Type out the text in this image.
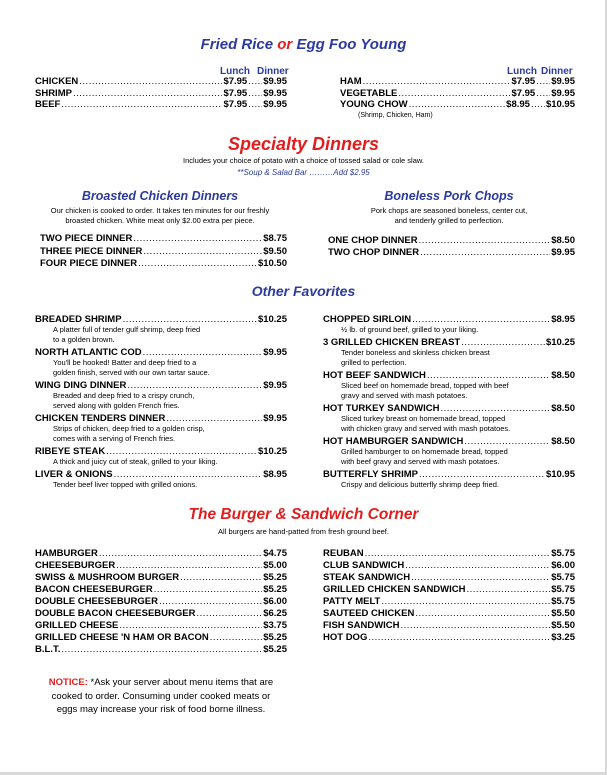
Fried Rice or Egg Foo Young
Lunch Dinner	Lunch Dinner
CHICKEN .....	$7.95 ..... $9.95
SHRIMP .....	$7.95 ..... $9.95
BEEF .....	$7.95 ..... $9.95
HAM .....	$7.95 ..... $9.95
VEGETABLE .....	$7.95 ..... $9.95
YOUNG CHOW .....	$8.95 ..... $10.95
(Shrimp, Chicken, Ham)
Specialty Dinners
Includes your choice of potato with a choice of tossed salad or cole slaw.
**Soup & Salad Bar ………Add $2.95
Broasted Chicken Dinners
Our chicken is cooked to order. It takes ten minutes for our freshly
broasted chicken. White meat only $2.00 extra per piece.
Boneless Pork Chops
Pork chops are seasoned boneless, center cut,
and tenderly grilled to perfection.
TWO PIECE DINNER .....	$8.75
THREE PIECE DINNER .....	$9.50
FOUR PIECE DINNER .....	$10.50
ONE CHOP DINNER .....	$8.50
TWO CHOP DINNER .....	$9.95
Other Favorites
BREADED SHRIMP .....	$10.25
A platter full of tender gulf shrimp, deep fried
to a golden brown.
NORTH ATLANTIC COD .....	$9.95
You'll be hooked! Batter and deep fried to a
golden finish, served with our own tartar sauce.
WING DING DINNER .....	$9.95
Breaded and deep fried to a crispy crunch,
served along with golden French fries.
CHICKEN TENDERS DINNER .....	$9.95
Strips of chicken, deep fried to a golden crisp,
comes with a serving of French fries.
RIBEYE STEAK .....	$10.25
A thick and juicy cut of steak, grilled to your liking.
LIVER & ONIONS .....	$8.95
Tender beef liver topped with grilled onions.
CHOPPED SIRLOIN .....	$8.95
½ lb. of ground beef, grilled to your liking.
3 GRILLED CHICKEN BREAST .....	$10.25
Tender boneless and skinless chicken breast
grilled to perfection.
HOT BEEF SANDWICH .....	$8.50
Sliced beef on homemade bread, topped with beef
gravy and served with mash potatoes.
HOT TURKEY SANDWICH .....	$8.50
Sliced turkey breast on homemade bread, topped
with chicken gravy and served with mash potatoes.
HOT HAMBURGER SANDWICH .....	$8.50
Grilled hamburger to on homemade bread, topped
with beef gravy and served with mash potatoes.
BUTTERFLY SHRIMP .....	$10.95
Crispy and delicious butterfly shrimp deep fried.
The Burger & Sandwich Corner
All burgers are hand-patted from fresh ground beef.
HAMBURGER .....	$4.75
CHEESEBURGER .....	$5.00
SWISS & MUSHROOM BURGER .....	$5.25
BACON CHEESEBURGER .....	$5.25
DOUBLE CHEESEBURGER .....	$6.00
DOUBLE BACON CHEESEBURGER .....	$6.25
GRILLED CHEESE .....	$3.75
GRILLED CHEESE 'N HAM OR BACON .....	$5.25
B.L.T. .....	$5.25
REUBAN .....	$5.75
CLUB SANDWICH .....	$6.00
STEAK SANDWICH .....	$5.75
GRILLED CHICKEN SANDWICH .....	$5.75
PATTY MELT .....	$5.75
SAUTEED CHICKEN .....	$5.50
FISH SANDWICH .....	$5.50
HOT DOG .....	$3.25
NOTICE: *Ask your server about menu items that are
cooked to order. Consuming under cooked meats or
eggs may increase your risk of food borne illness.
